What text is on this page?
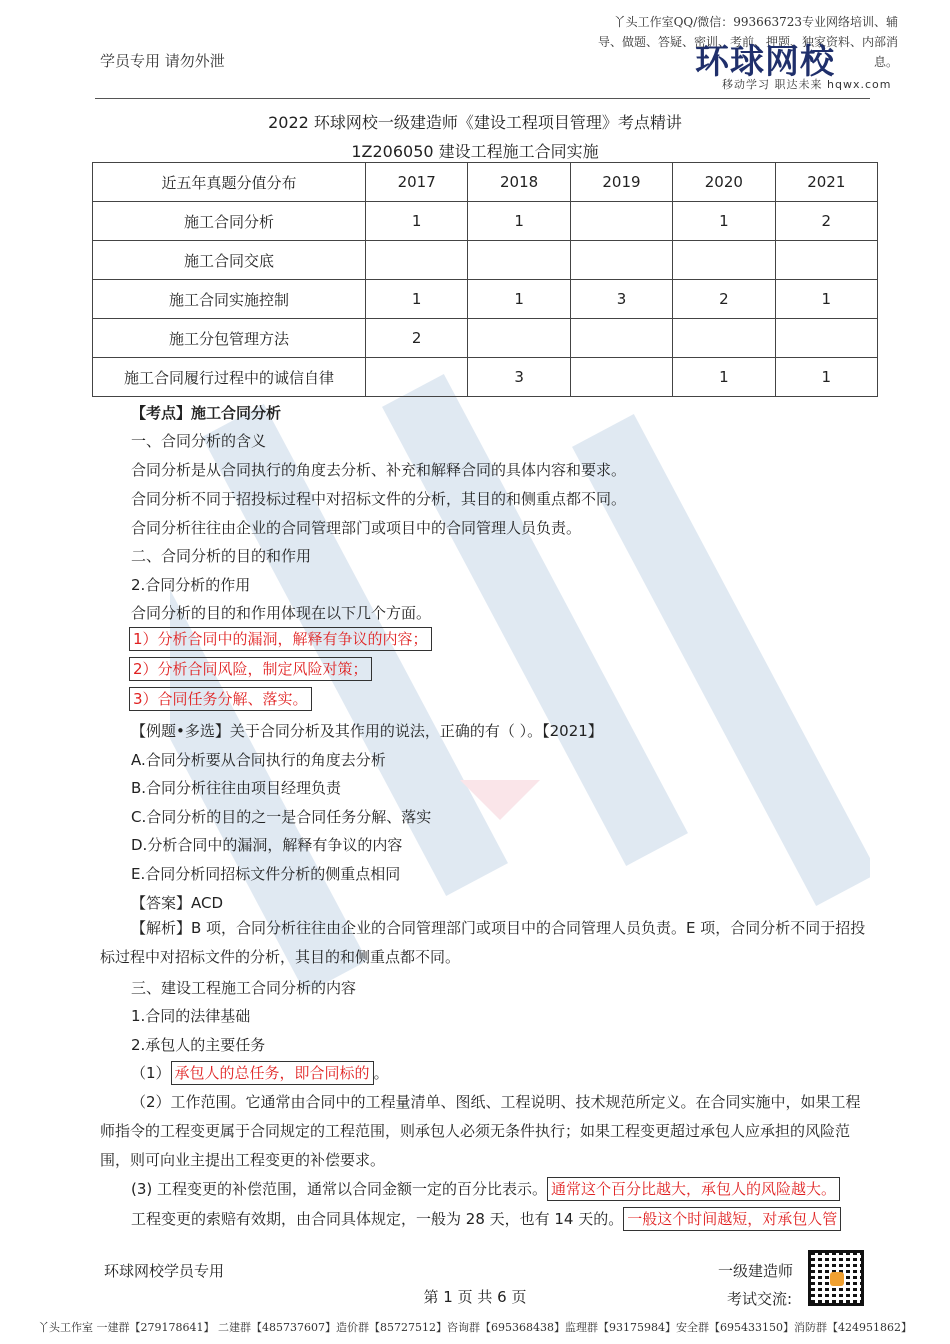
丫头工作室QQ/微信：993663723专业网络培训、辅导、做题、答疑、密训、考前、押题、独家资料、内部消息。
学员专用 请勿外泄	环球网校
移动学习 职达未来 hqwx.com
2022 环球网校一级建造师《建设工程项目管理》考点精讲
1Z206050 建设工程施工合同实施
近五年真题分值分布	2017	2018	2019	2020	2021
施工合同分析	1	1		1	2
施工合同交底					
施工合同实施控制	1	1	3	2	1
施工分包管理方法	2				
施工合同履行过程中的诚信自律		3		1	1
【考点】施工合同分析
一、合同分析的含义
合同分析是从合同执行的角度去分析、补充和解释合同的具体内容和要求。
合同分析不同于招投标过程中对招标文件的分析，其目的和侧重点都不同。
合同分析往往由企业的合同管理部门或项目中的合同管理人员负责。
二、合同分析的目的和作用
2.合同分析的作用
合同分析的目的和作用体现在以下几个方面。
1）分析合同中的漏洞，解释有争议的内容；
2）分析合同风险，制定风险对策；
3）合同任务分解、落实。
【例题•多选】关于合同分析及其作用的说法，正确的有（ ）。【2021】
A.合同分析要从合同执行的角度去分析
B.合同分析往往由项目经理负责
C.合同分析的目的之一是合同任务分解、落实
D.分析合同中的漏洞，解释有争议的内容
E.合同分析同招标文件分析的侧重点相同
【答案】ACD
【解析】B 项，合同分析往往由企业的合同管理部门或项目中的合同管理人员负责。E 项，合同分析不同于招投标过程中对招标文件的分析，其目的和侧重点都不同。
三、建设工程施工合同分析的内容
1.合同的法律基础
2.承包人的主要任务
（1） 承包人的总任务，即合同标的 。
（2）工作范围。它通常由合同中的工程量清单、图纸、工程说明、技术规范所定义。在合同实施中，如果工程师指令的工程变更属于合同规定的工程范围，则承包人必须无条件执行；如果工程变更超过承包人应承担的风险范围，则可向业主提出工程变更的补偿要求。
(3) 工程变更的补偿范围，通常以合同金额一定的百分比表示。 通常这个百分比越大，承包人的风险越大。
工程变更的索赔有效期，由合同具体规定，一般为 28 天，也有 14 天的。 一般这个时间越短，对承包人管
环球网校学员专用	一级建造师
考试交流:
第 1 页 共 6 页
丫头工作室 一建群【279178641】 二建群【485737607】造价群【85727512】咨询群【695368438】监理群【93175984】安全群【695433150】消防群【424951862】
